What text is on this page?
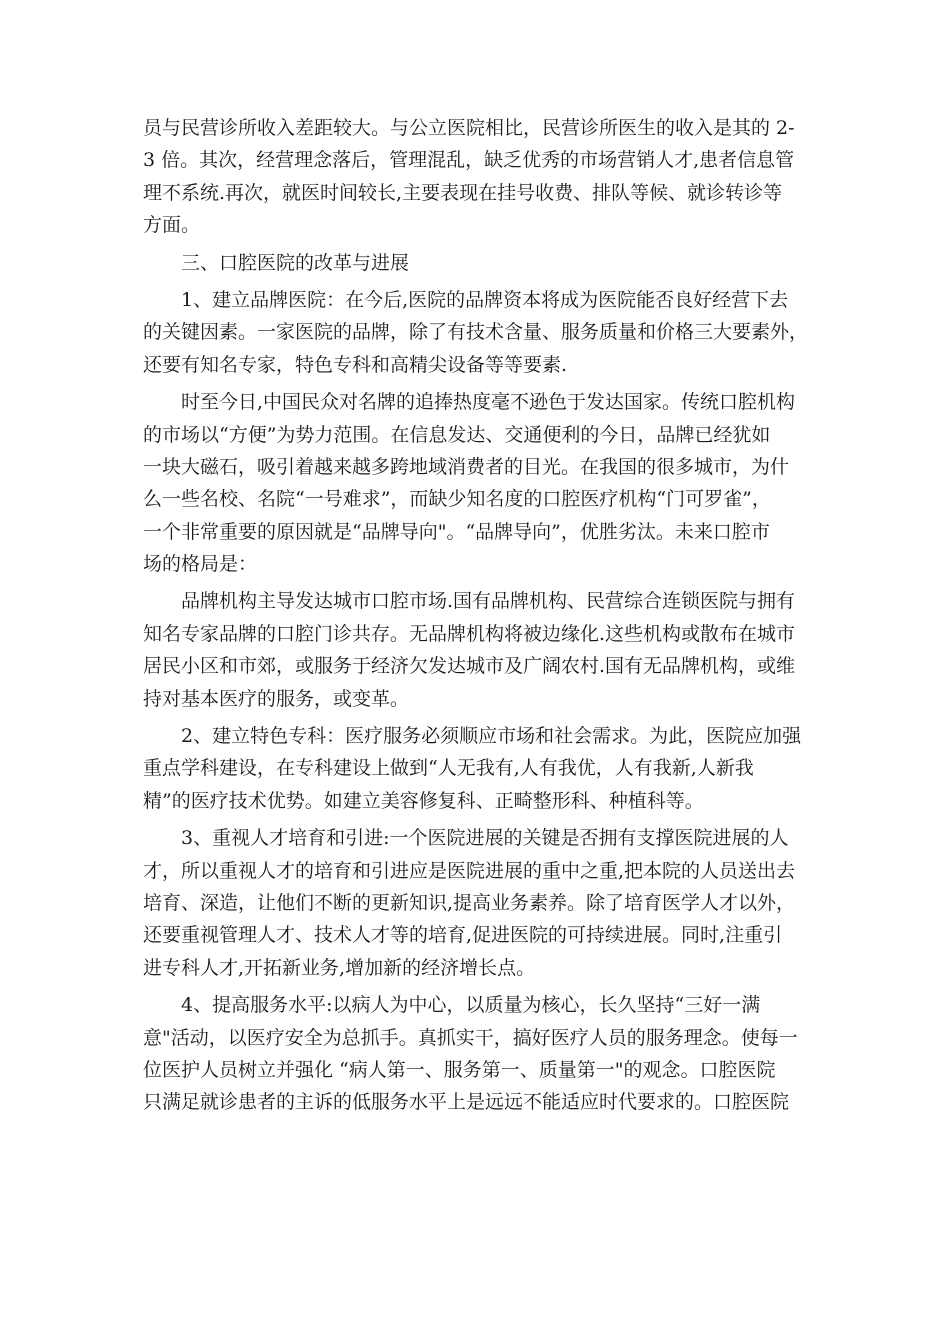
员与民营诊所收入差距较大。与公立医院相比，民营诊所医生的收入是其的 2-
3 倍。其次，经营理念落后，管理混乱，缺乏优秀的市场营销人才,患者信息管
理不系统.再次，就医时间较长,主要表现在挂号收费、排队等候、就诊转诊等
方面。
三、口腔医院的改革与进展
1、建立品牌医院：在今后,医院的品牌资本将成为医院能否良好经营下去
的关键因素。一家医院的品牌，除了有技术含量、服务质量和价格三大要素外，
还要有知名专家，特色专科和高精尖设备等等要素.
时至今日,中国民众对名牌的追捧热度毫不逊色于发达国家。传统口腔机构
的市场以“方便”为势力范围。在信息发达、交通便利的今日，品牌已经犹如
一块大磁石，吸引着越来越多跨地域消费者的目光。在我国的很多城市，为什
么一些名校、名院“一号难求”，而缺少知名度的口腔医疗机构“门可罗雀”，
一个非常重要的原因就是“品牌导向"。“品牌导向”，优胜劣汰。未来口腔市
场的格局是：
品牌机构主导发达城市口腔市场.国有品牌机构、民营综合连锁医院与拥有
知名专家品牌的口腔门诊共存。无品牌机构将被边缘化.这些机构或散布在城市
居民小区和市郊，或服务于经济欠发达城市及广阔农村.国有无品牌机构，或维
持对基本医疗的服务，或变革。
2、建立特色专科：医疗服务必须顺应市场和社会需求。为此，医院应加强
重点学科建设，在专科建设上做到“人无我有,人有我优，人有我新,人新我
精”的医疗技术优势。如建立美容修复科、正畸整形科、种植科等。
3、重视人才培育和引进:一个医院进展的关键是否拥有支撑医院进展的人
才，所以重视人才的培育和引进应是医院进展的重中之重,把本院的人员送出去
培育、深造，让他们不断的更新知识,提高业务素养。除了培育医学人才以外，
还要重视管理人才、技术人才等的培育,促进医院的可持续进展。同时,注重引
进专科人才,开拓新业务,增加新的经济增长点。
4、提高服务水平:以病人为中心，以质量为核心，长久坚持“三好一满
意"活动，以医疗安全为总抓手。真抓实干，搞好医疗人员的服务理念。使每一
位医护人员树立并强化 “病人第一、服务第一、质量第一"的观念。口腔医院
只满足就诊患者的主诉的低服务水平上是远远不能适应时代要求的。口腔医院
